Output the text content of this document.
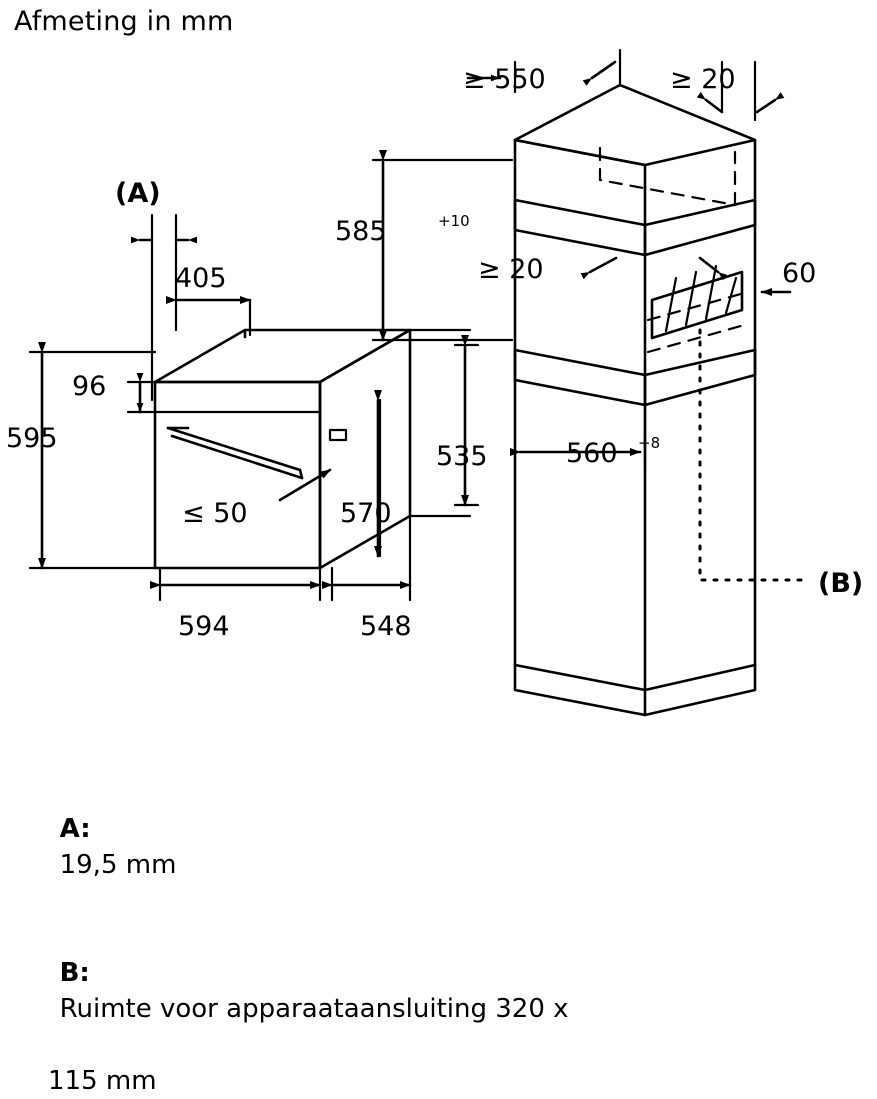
Afmeting in mm
405
96
595
≤ 50	570
594	548
≥ 550	≥ 20
585	+10
≥ 20	60
535	560 +8
(A)
(B)

A:
19,5 mm

B:
Ruimte voor apparaataansluiting 320 x

115 mm
